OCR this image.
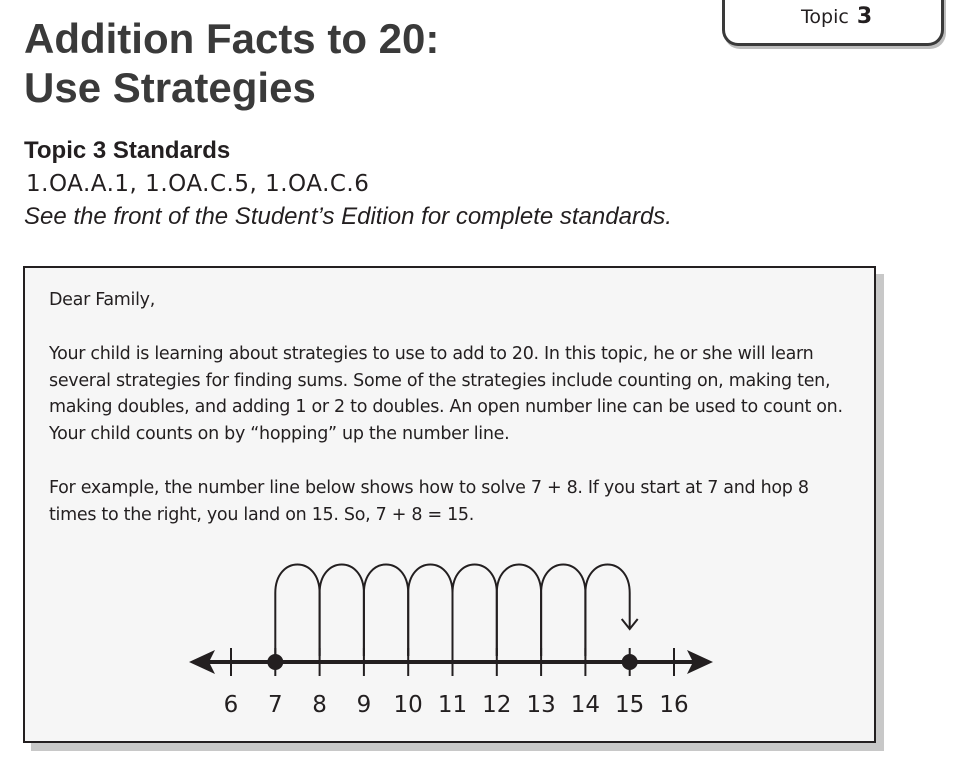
Topic 3
Addition Facts to 20:
Use Strategies
Topic 3 Standards
1.OA.A.1, 1.OA.C.5, 1.OA.C.6
See the front of the Student’s Edition for complete standards.

Dear Family,

Your child is learning about strategies to use to add to 20. In this topic, he or she will learn several strategies for finding sums. Some of the strategies include counting on, making ten, making doubles, and adding 1 or 2 to doubles. An open number line can be used to count on. Your child counts on by “hopping” up the number line.

For example, the number line below shows how to solve 7 + 8. If you start at 7 and hop 8 times to the right, you land on 15. So, 7 + 8 = 15.

6 7 8 9 10 11 12 13 14 15 16
